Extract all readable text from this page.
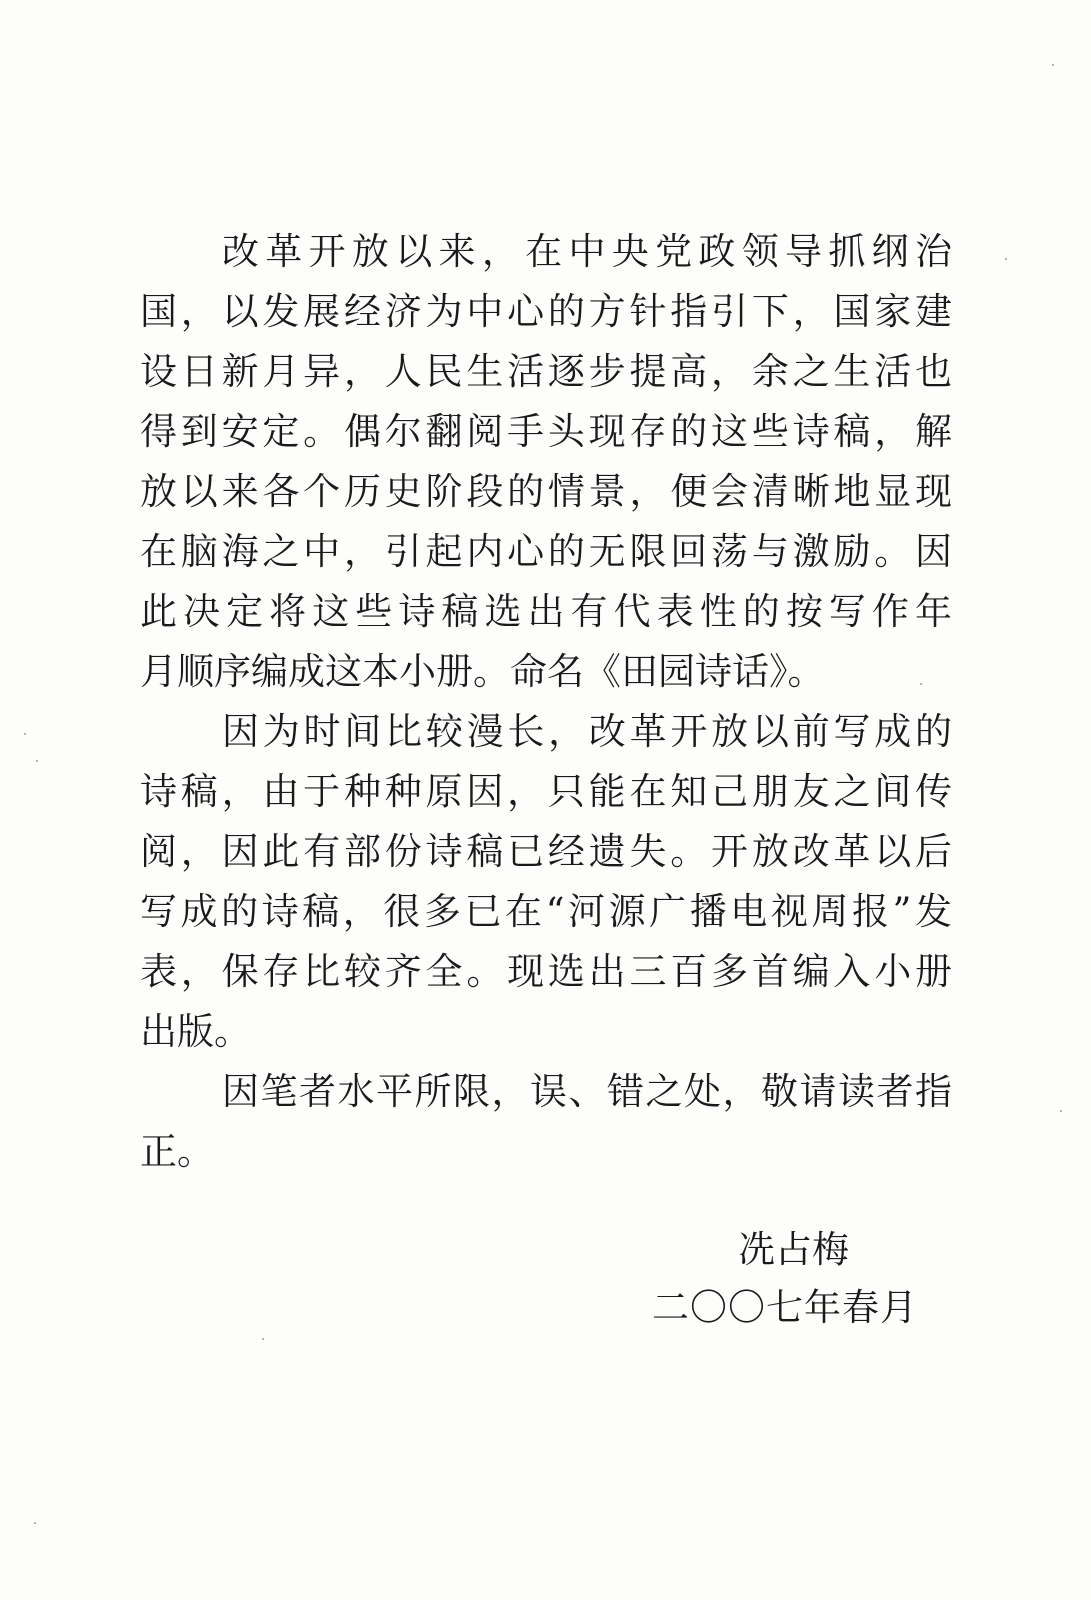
改革开放以来，在中央党政领导抓纲治
国，以发展经济为中心的方针指引下，国家建
设日新月异，人民生活逐步提高，余之生活也
得到安定。偶尔翻阅手头现存的这些诗稿，解
放以来各个历史阶段的情景，便会清晰地显现
在脑海之中，引起内心的无限回荡与激励。因
此决定将这些诗稿选出有代表性的按写作年
月顺序编成这本小册。命名《田园诗话》。
因为时间比较漫长，改革开放以前写成的
诗稿，由于种种原因，只能在知己朋友之间传
阅，因此有部份诗稿已经遗失。开放改革以后
写成的诗稿，很多已在“河源广播电视周报”发
表，保存比较齐全。现选出三百多首编入小册
出版。
因笔者水平所限，误、错之处，敬请读者指
正。
冼占梅
二〇〇七年春月
